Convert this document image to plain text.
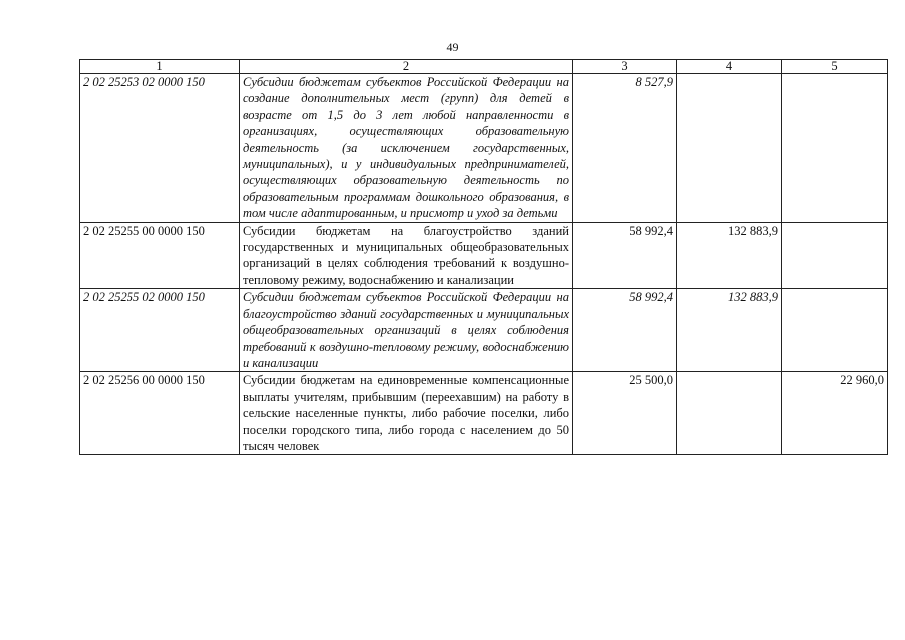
49
1	2	3	4	5
2 02 25253 02 0000 150	Субсидии бюджетам субъектов Российской Федерации на создание дополнительных мест (групп) для детей в возрасте от 1,5 до 3 лет любой направленности в организациях, осуществляющих образовательную деятельность (за исключением государственных, муниципальных), и у индивидуальных предпринимателей, осуществляющих образовательную деятельность по образовательным программам дошкольного образования, в том числе адаптированным, и присмотр и уход за детьми	8 527,9		
2 02 25255 00 0000 150	Субсидии бюджетам на благоустройство зданий государственных и муниципальных общеобразовательных организаций в целях соблюдения требований к воздушно-тепловому режиму, водоснабжению и канализации	58 992,4	132 883,9	
2 02 25255 02 0000 150	Субсидии бюджетам субъектов Российской Федерации на благоустройство зданий государственных и муниципальных общеобразовательных организаций в целях соблюдения требований к воздушно-тепловому режиму, водоснабжению и канализации	58 992,4	132 883,9	
2 02 25256 00 0000 150	Субсидии бюджетам на единовременные компенсационные выплаты учителям, прибывшим (переехавшим) на работу в сельские населенные пункты, либо рабочие поселки, либо поселки городского типа, либо города с населением до 50 тысяч человек	25 500,0		22 960,0
